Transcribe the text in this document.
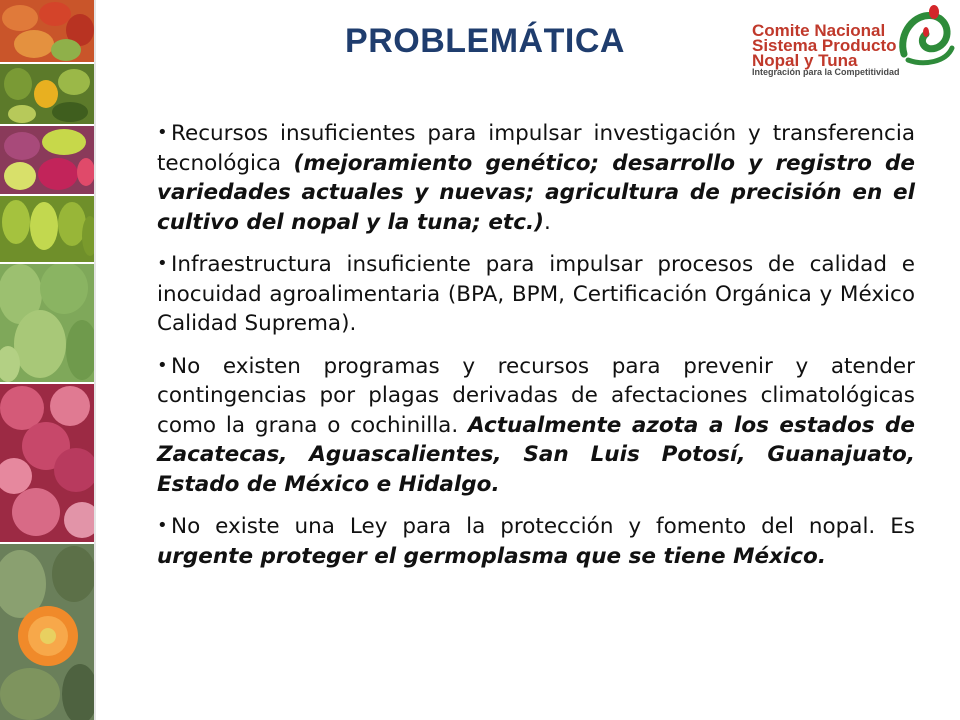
PROBLEMÁTICA	Comite Nacional
Sistema Producto
Nopal y Tuna
Integración para la Competitividad
• Recursos insuficientes para impulsar investigación y transferencia tecnológica (mejoramiento genético; desarrollo y registro de variedades actuales y nuevas; agricultura de precisión en el cultivo del nopal y la tuna; etc.).
• Infraestructura insuficiente para impulsar procesos de calidad e inocuidad agroalimentaria (BPA, BPM, Certificación Orgánica y México Calidad Suprema).
• No existen programas y recursos para prevenir y atender contingencias por plagas derivadas de afectaciones climatológicas como la grana o cochinilla. Actualmente azota a los estados de Zacatecas, Aguascalientes, San Luis Potosí, Guanajuato, Estado de México e Hidalgo.
• No existe una Ley para la protección y fomento del nopal. Es urgente proteger el germoplasma que se tiene México.
